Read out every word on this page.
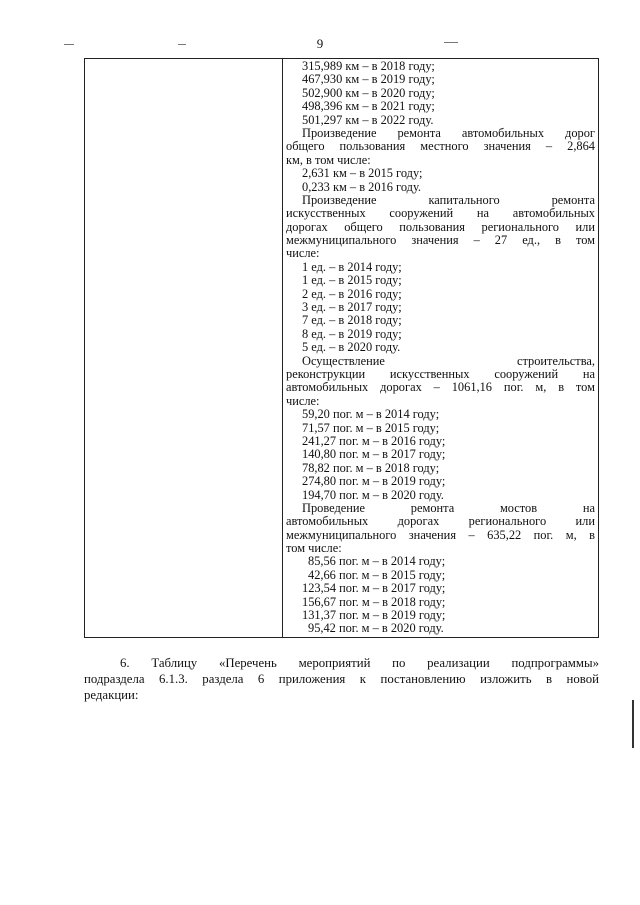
9
315,989 км – в 2018 году;
467,930 км – в 2019 году;
502,900 км – в 2020 году;
498,396 км – в 2021 году;
501,297 км – в 2022 году.
Произведение ремонта автомобильных дорог
общего пользования местного значения – 2,864
км, в том числе:
2,631 км – в 2015 году;
0,233 км – в 2016 году.
Произведение капитального ремонта
искусственных сооружений на автомобильных
дорогах общего пользования регионального или
межмуниципального значения – 27 ед., в том
числе:
1 ед. – в 2014 году;
1 ед. – в 2015 году;
2 ед. – в 2016 году;
3 ед. – в 2017 году;
7 ед. – в 2018 году;
8 ед. – в 2019 году;
5 ед. – в 2020 году.
Осуществление строительства,
реконструкции искусственных сооружений на
автомобильных дорогах – 1061,16 пог. м, в том
числе:
59,20 пог. м – в 2014 году;
71,57 пог. м – в 2015 году;
241,27 пог. м – в 2016 году;
140,80 пог. м – в 2017 году;
78,82 пог. м – в 2018 году;
274,80 пог. м – в 2019 году;
194,70 пог. м – в 2020 году.
Проведение ремонта мостов на
автомобильных дорогах регионального или
межмуниципального значения – 635,22 пог. м, в
том числе:
85,56 пог. м – в 2014 году;
42,66 пог. м – в 2015 году;
123,54 пог. м – в 2017 году;
156,67 пог. м – в 2018 году;
131,37 пог. м – в 2019 году;
95,42 пог. м – в 2020 году.
6. Таблицу «Перечень мероприятий по реализации подпрограммы»
подраздела 6.1.3. раздела 6 приложения к постановлению изложить в новой
редакции:
